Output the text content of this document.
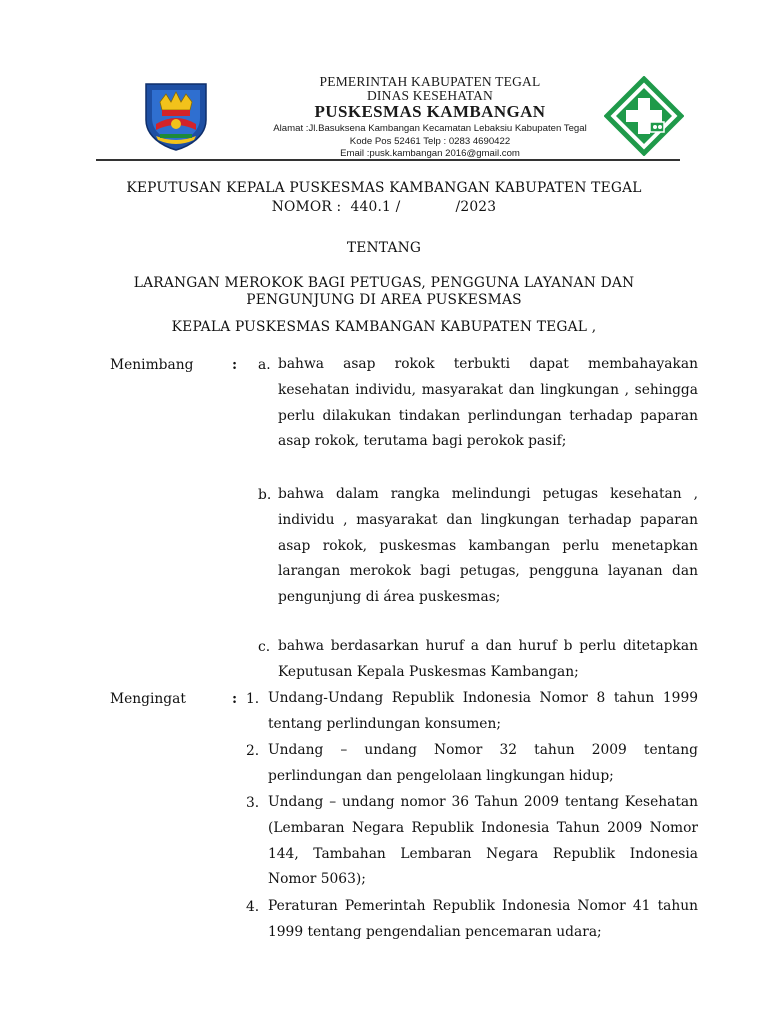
PEMERINTAH KABUPATEN TEGAL
DINAS KESEHATAN
PUSKESMAS KAMBANGAN
Alamat :Jl.Basuksena Kambangan Kecamatan Lebaksiu Kabupaten Tegal
Kode Pos 52461 Telp : 0283 4690422
Email :pusk.kambangan 2016@gmail.com
KEPUTUSAN KEPALA PUSKESMAS KAMBANGAN KABUPATEN TEGAL
NOMOR :  440.1 /            /2023
TENTANG
LARANGAN MEROKOK BAGI PETUGAS, PENGGUNA LAYANAN DAN
PENGUNJUNG DI AREA PUSKESMAS
KEPALA PUSKESMAS KAMBANGAN KABUPATEN TEGAL ,
Menimbang	: a. bahwa asap rokok terbukti dapat membahayakan kesehatan individu, masyarakat dan lingkungan , sehingga perlu dilakukan tindakan perlindungan terhadap paparan asap rokok, terutama bagi perokok pasif;
b. bahwa dalam rangka melindungi petugas kesehatan , individu , masyarakat dan lingkungan terhadap paparan asap rokok, puskesmas kambangan perlu menetapkan larangan merokok bagi petugas, pengguna layanan dan pengunjung di área puskesmas;
c. bahwa berdasarkan huruf a dan huruf b perlu ditetapkan Keputusan Kepala Puskesmas Kambangan;
Mengingat	: 1. Undang-Undang Republik Indonesia Nomor 8 tahun 1999 tentang perlindungan konsumen;
2. Undang – undang Nomor 32 tahun 2009 tentang perlindungan dan pengelolaan lingkungan hidup;
3. Undang – undang nomor 36 Tahun 2009 tentang Kesehatan (Lembaran Negara Republik Indonesia Tahun 2009 Nomor 144, Tambahan Lembaran Negara Republik Indonesia Nomor 5063);
4. Peraturan Pemerintah Republik Indonesia Nomor 41 tahun 1999 tentang pengendalian pencemaran udara;
